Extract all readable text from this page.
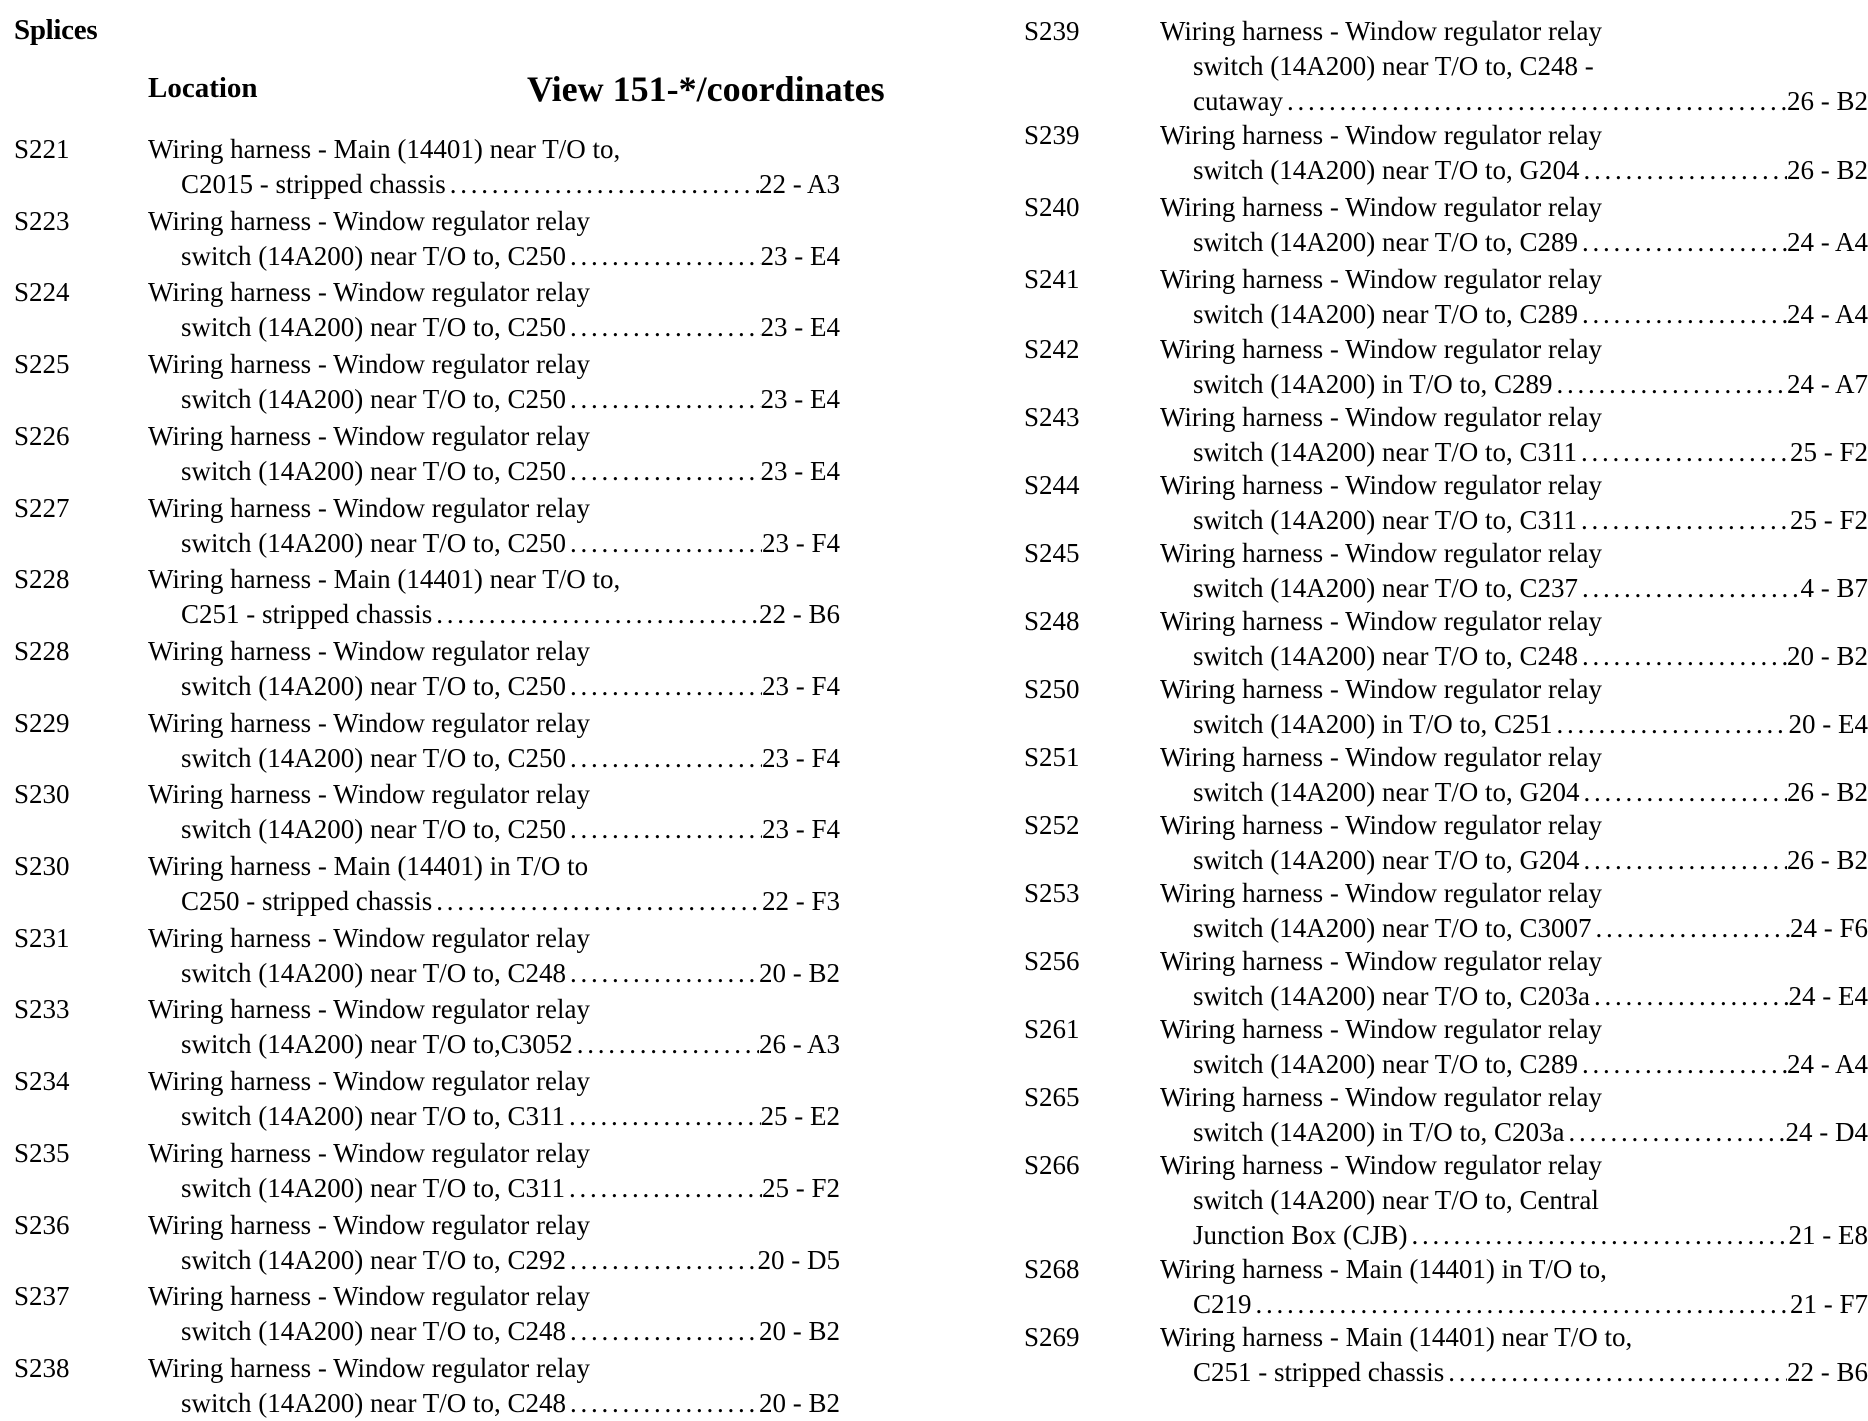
Splices
Location	View 151-*/coordinates
S221	Wiring harness - Main (14401) near T/O to,
C2015 - stripped chassis . . .	22 - A3
S223	Wiring harness - Window regulator relay
switch (14A200) near T/O to, C250 . . .	23 - E4
S224	Wiring harness - Window regulator relay
switch (14A200) near T/O to, C250 . . .	23 - E4
S225	Wiring harness - Window regulator relay
switch (14A200) near T/O to, C250 . . .	23 - E4
S226	Wiring harness - Window regulator relay
switch (14A200) near T/O to, C250 . . .	23 - E4
S227	Wiring harness - Window regulator relay
switch (14A200) near T/O to, C250 . . .	23 - F4
S228	Wiring harness - Main (14401) near T/O to,
C251 - stripped chassis . . .	22 - B6
S228	Wiring harness - Window regulator relay
switch (14A200) near T/O to, C250 . . .	23 - F4
S229	Wiring harness - Window regulator relay
switch (14A200) near T/O to, C250 . . .	23 - F4
S230	Wiring harness - Window regulator relay
switch (14A200) near T/O to, C250 . . .	23 - F4
S230	Wiring harness - Main (14401) in T/O to
C250 - stripped chassis . . .	22 - F3
S231	Wiring harness - Window regulator relay
switch (14A200) near T/O to, C248 . . .	20 - B2
S233	Wiring harness - Window regulator relay
switch (14A200) near T/O to,C3052 . . .	26 - A3
S234	Wiring harness - Window regulator relay
switch (14A200) near T/O to, C311 . . .	25 - E2
S235	Wiring harness - Window regulator relay
switch (14A200) near T/O to, C311 . . .	25 - F2
S236	Wiring harness - Window regulator relay
switch (14A200) near T/O to, C292 . . .	20 - D5
S237	Wiring harness - Window regulator relay
switch (14A200) near T/O to, C248 . . .	20 - B2
S238	Wiring harness - Window regulator relay
switch (14A200) near T/O to, C248 . . .	20 - B2
S239	Wiring harness - Window regulator relay
switch (14A200) near T/O to, C248 -
cutaway . . .	26 - B2
S239	Wiring harness - Window regulator relay
switch (14A200) near T/O to, G204 . . .	26 - B2
S240	Wiring harness - Window regulator relay
switch (14A200) near T/O to, C289 . . .	24 - A4
S241	Wiring harness - Window regulator relay
switch (14A200) near T/O to, C289 . . .	24 - A4
S242	Wiring harness - Window regulator relay
switch (14A200) in T/O to, C289 . . .	24 - A7
S243	Wiring harness - Window regulator relay
switch (14A200) near T/O to, C311 . . .	25 - F2
S244	Wiring harness - Window regulator relay
switch (14A200) near T/O to, C311 . . .	25 - F2
S245	Wiring harness - Window regulator relay
switch (14A200) near T/O to, C237 . . .	4 - B7
S248	Wiring harness - Window regulator relay
switch (14A200) near T/O to, C248 . . .	20 - B2
S250	Wiring harness - Window regulator relay
switch (14A200) in T/O to, C251 . . .	20 - E4
S251	Wiring harness - Window regulator relay
switch (14A200) near T/O to, G204 . . .	26 - B2
S252	Wiring harness - Window regulator relay
switch (14A200) near T/O to, G204 . . .	26 - B2
S253	Wiring harness - Window regulator relay
switch (14A200) near T/O to, C3007 . . .	24 - F6
S256	Wiring harness - Window regulator relay
switch (14A200) near T/O to, C203a . . .	24 - E4
S261	Wiring harness - Window regulator relay
switch (14A200) near T/O to, C289 . . .	24 - A4
S265	Wiring harness - Window regulator relay
switch (14A200) in T/O to, C203a . . .	24 - D4
S266	Wiring harness - Window regulator relay
switch (14A200) near T/O to, Central
Junction Box (CJB) . . .	21 - E8
S268	Wiring harness - Main (14401) in T/O to,
C219 . . .	21 - F7
S269	Wiring harness - Main (14401) near T/O to,
C251 - stripped chassis . . .	22 - B6
